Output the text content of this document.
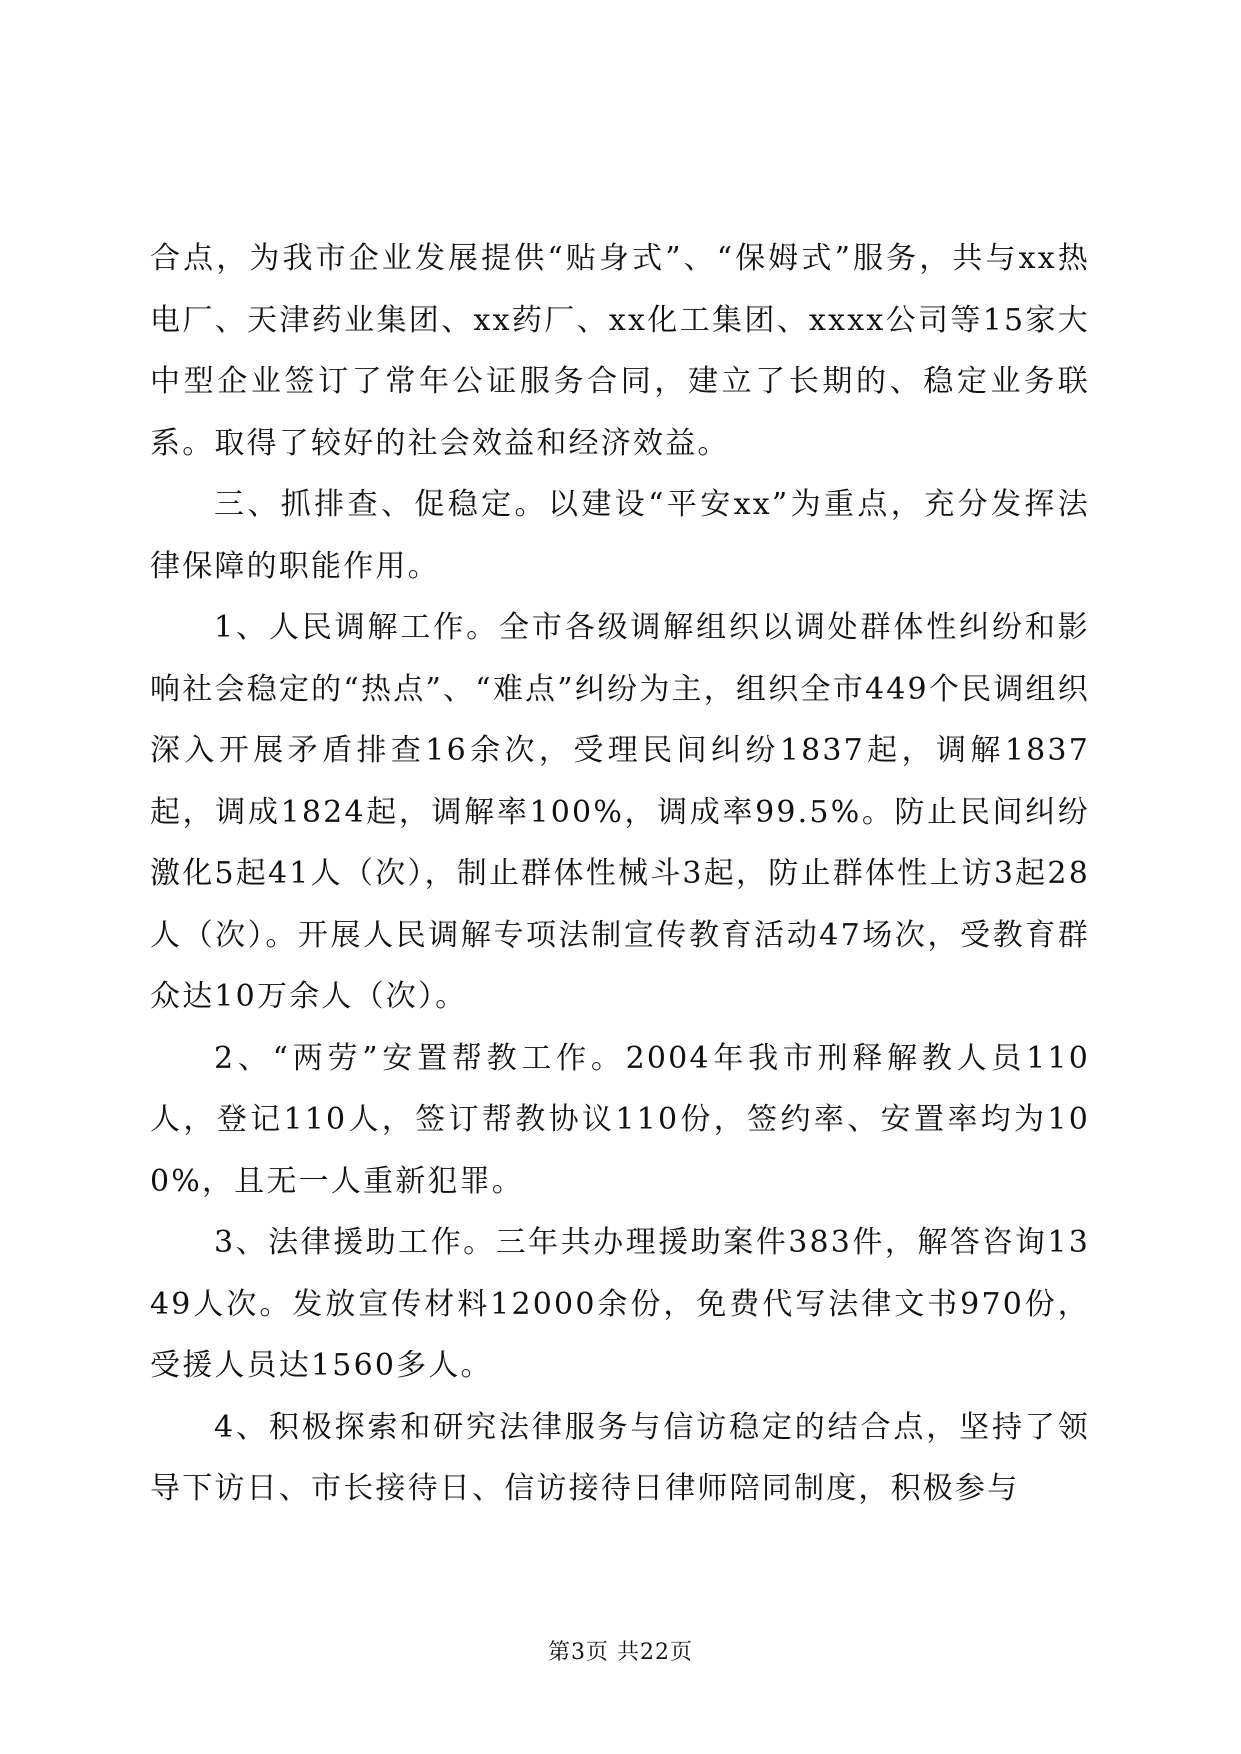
合点，为我市企业发展提供“贴身式”、“保姆式”服务，共与xx热电厂、天津药业集团、xx药厂、xx化工集团、xxxx公司等15家大中型企业签订了常年公证服务合同，建立了长期的、稳定业务联系。取得了较好的社会效益和经济效益。

三、抓排查、促稳定。以建设“平安xx”为重点，充分发挥法律保障的职能作用。

1、人民调解工作。全市各级调解组织以调处群体性纠纷和影响社会稳定的“热点”、“难点”纠纷为主，组织全市449个民调组织深入开展矛盾排查16余次，受理民间纠纷1837起，调解1837起，调成1824起，调解率100%，调成率99.5%。防止民间纠纷激化5起41人（次），制止群体性械斗3起，防止群体性上访3起28人（次）。开展人民调解专项法制宣传教育活动47场次，受教育群众达10万余人（次）。

2、“两劳”安置帮教工作。2004年我市刑释解教人员110人，登记110人，签订帮教协议110份，签约率、安置率均为100%，且无一人重新犯罪。

3、法律援助工作。三年共办理援助案件383件，解答咨询1349人次。发放宣传材料12000余份，免费代写法律文书970份，受援人员达1560多人。

4、积极探索和研究法律服务与信访稳定的结合点，坚持了领导下访日、市长接待日、信访接待日律师陪同制度，积极参与

第3页 共22页
